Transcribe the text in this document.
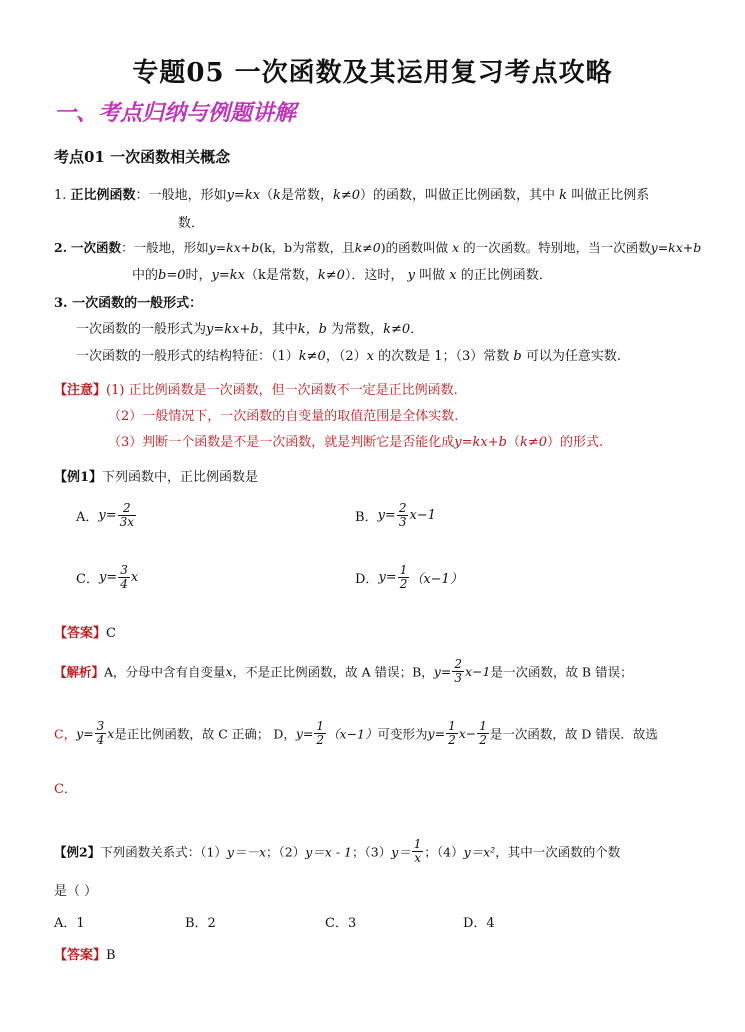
专题05 一次函数及其运用复习考点攻略
一、考点归纳与例题讲解
考点01 一次函数相关概念
1. 正比例函数：一般地，形如y=kx（k是常数，k≠0）的函数，叫做正比例函数，其中 k 叫做正比例系
数．
2. 一次函数：一般地，形如y=kx+b(k，b为常数，且k≠0)的函数叫做 x 的一次函数。特别地，当一次函数y=kx+b
中的b=0时，y=kx（k是常数，k≠0）．这时， y 叫做 x 的正比例函数．
3. 一次函数的一般形式：
一次函数的一般形式为y=kx+b，其中k，b 为常数，k≠0．
一次函数的一般形式的结构特征：（1）k≠0，（2）x 的次数是 1；（3）常数 b 可以为任意实数.
【注意】(1) 正比例函数是一次函数，但一次函数不一定是正比例函数.
（2）一般情况下，一次函数的自变量的取值范围是全体实数.
（3）判断一个函数是不是一次函数，就是判断它是否能化成y=kx+b（k≠0）的形式.
【例1】下列函数中，正比例函数是
A．$y= \frac{2}{3x}$	B．$y= \frac{2}{3} x-1$
C．$y= \frac{3}{4}$ x	D．$y= \frac{1}{2} (x-1)$
【答案】C
【解析】A，分母中含有自变量x，不是正比例函数，故 A 错误；B，$y= \frac{2}{3} x-1$是一次函数，故 B 错误；
C，$y= \frac{3}{4}$ x是正比例函数，故 C 正确； D，$y= \frac{1}{2} (x-1)$可变形为$y= \frac{1}{2} x- \frac{1}{2}$ 是一次函数，故 D 错误．故选
C．
【例2】下列函数关系式：（1）y＝－x；（2）y＝x - 1；$(3)y= \frac{1}{x}$ ；（4）y＝x²，其中一次函数的个数
是（ ）
A．1	B．2	C．3	D．4
【答案】B
